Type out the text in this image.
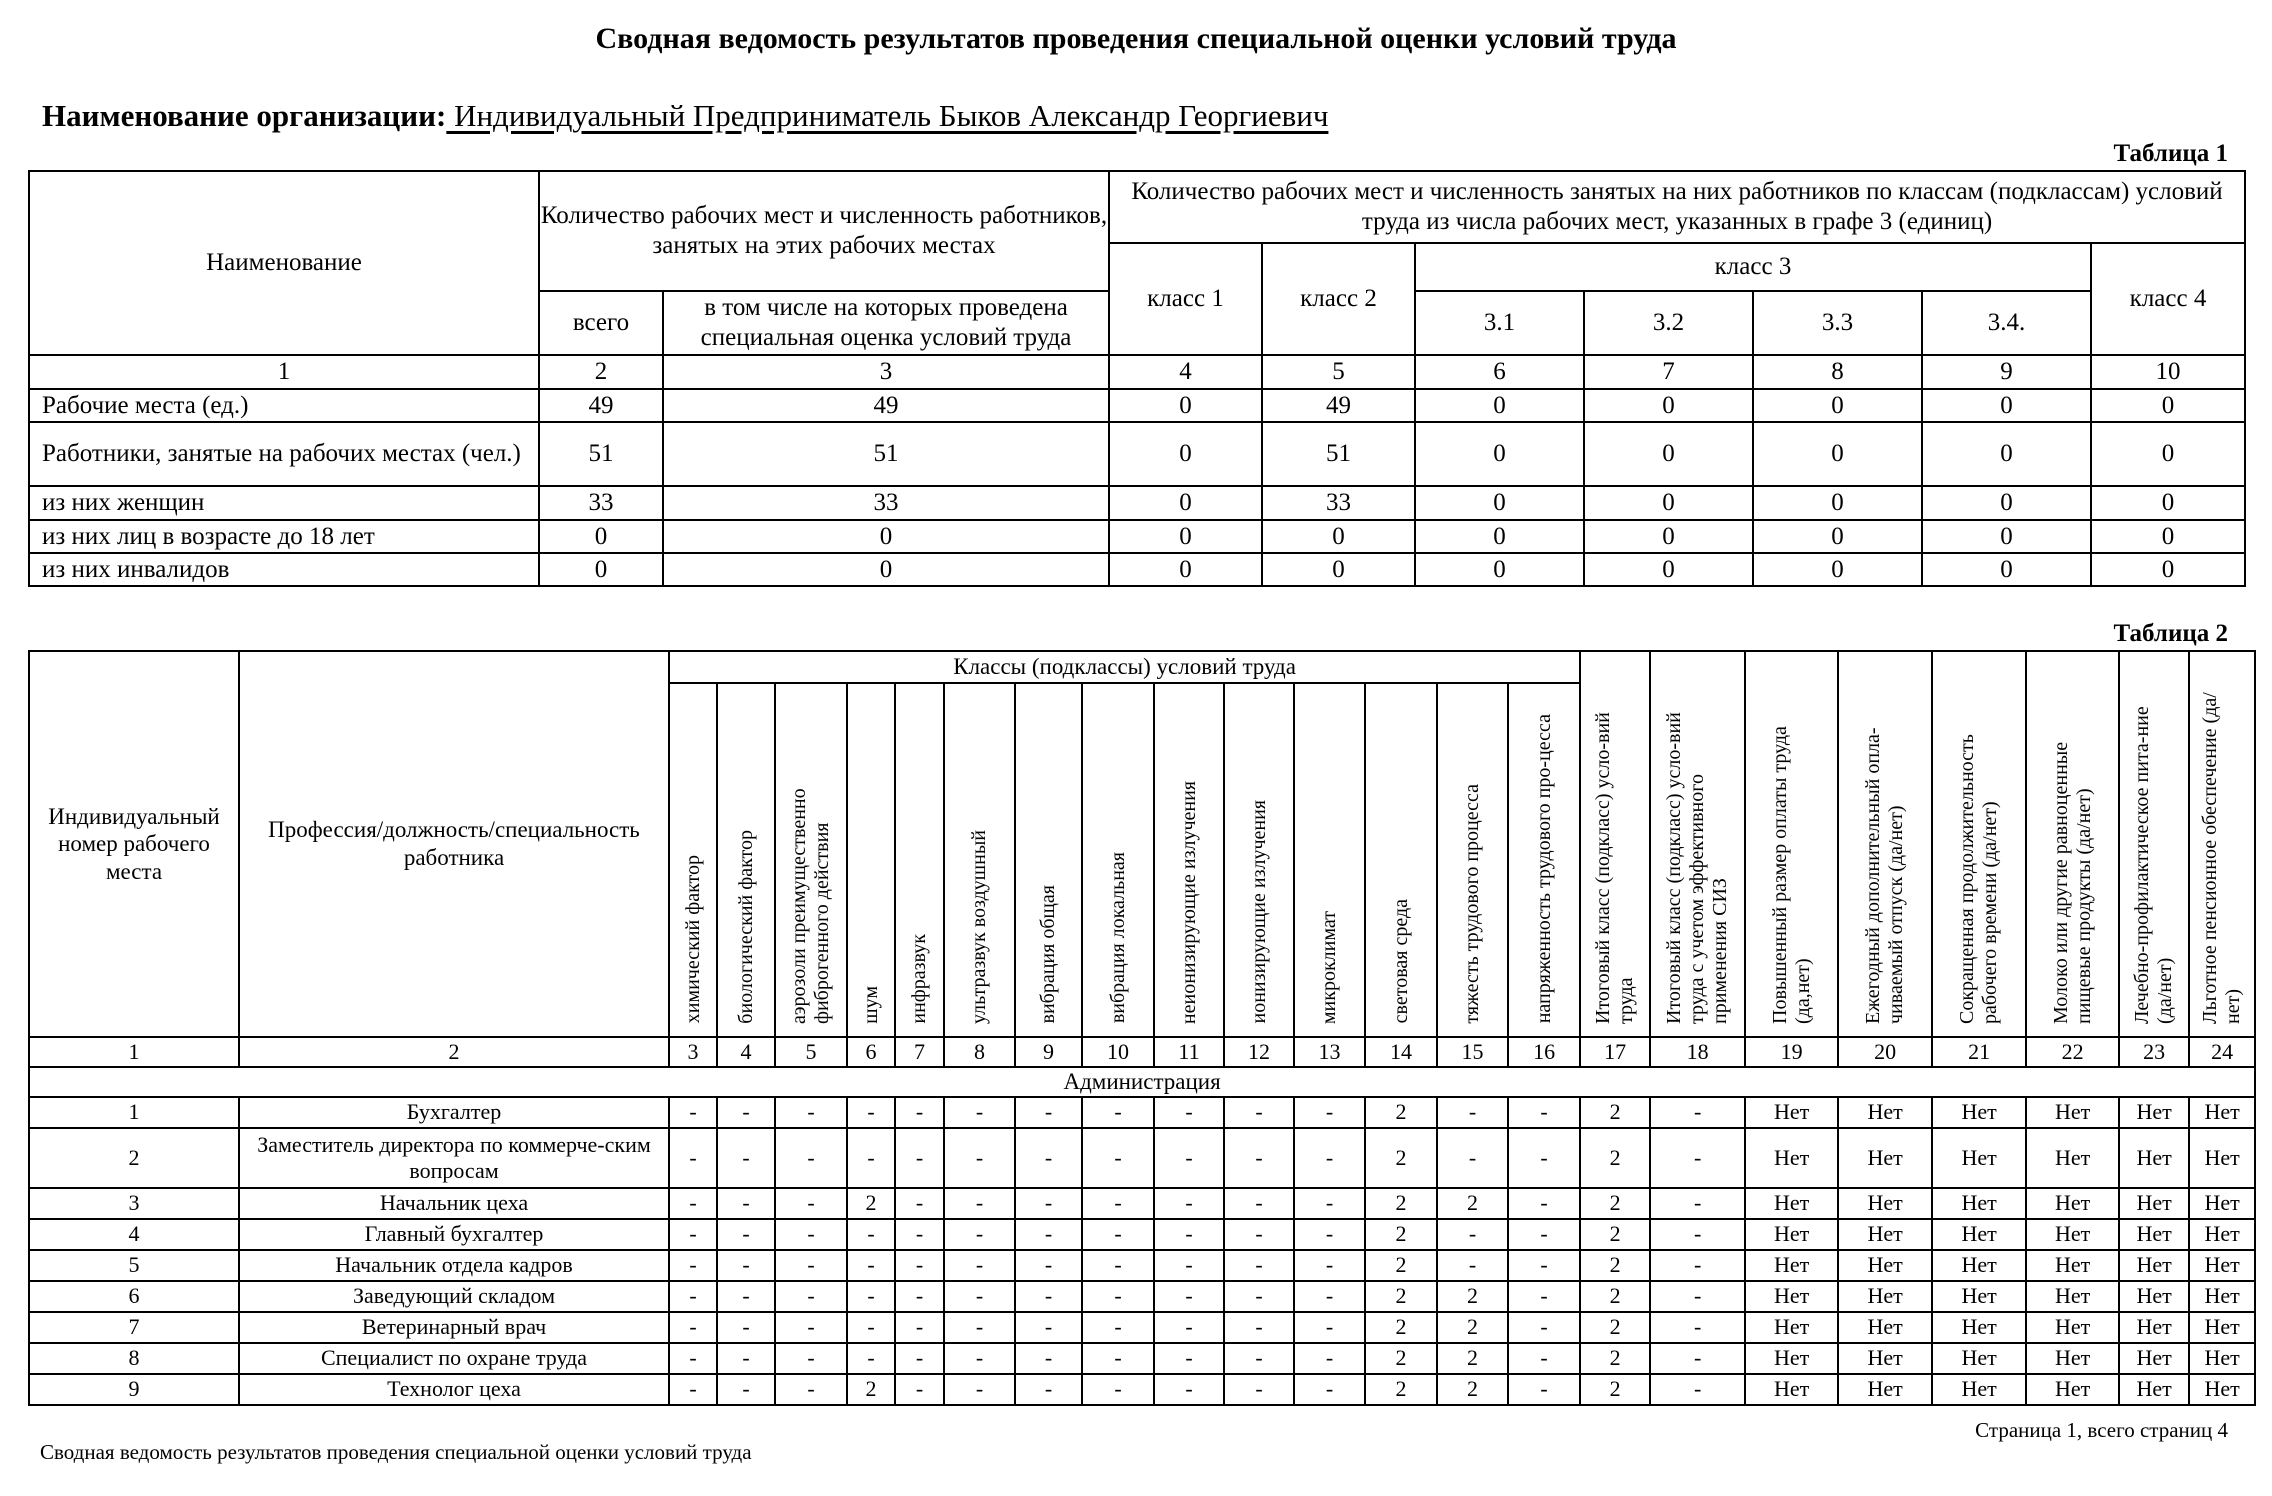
Сводная ведомость результатов проведения специальной оценки условий труда
Наименование организации: Индивидуальный Предприниматель Быков Александр Георгиевич
Таблица 1
Наименование	Количество рабочих мест и численность работников, занятых на этих рабочих местах		Количество рабочих мест и численность занятых на них работников по классам (подклассам) условий труда из числа рабочих мест, указанных в графе 3 (единиц)						
			класс 1	класс 2	класс 3				класс 4
	всего	в том числе на которых проведена специальная оценка условий труда			3.1	3.2	3.3	3.4.	
1	2	3	4	5	6	7	8	9	10
Рабочие места (ед.)	49	49	0	49	0	0	0	0	0
Работники, занятые на рабочих местах (чел.)	51	51	0	51	0	0	0	0	0
из них женщин	33	33	0	33	0	0	0	0	0
из них лиц в возрасте до 18 лет	0	0	0	0	0	0	0	0	0
из них инвалидов	0	0	0	0	0	0	0	0	0
Таблица 2
Индивидуальный номер рабочего места	Профессия/должность/специальность работника	Классы (подклассы) условий труда														Итоговый класс (подкласс) усло-вий труда	Итоговый класс (подкласс) усло-вий труда с учетом эффективного применения СИЗ	Повышенный размер оплаты труда (да,нет)	Ежегодный дополнительный опла-чиваемый отпуск (да/нет)	Сокращенная продолжительность рабочего времени (да/нет)	Молоко или другие равноценные пищевые продукты (да/нет)	Лечебно-профилактическое пита-ние (да/нет)	Льготное пенсионное обеспечение (да/нет)
		химический фактор	биологический фактор	аэрозоли преимущественно фиброгенного действия	шум	инфразвук	ультразвук воздушный	вибрация общая	вибрация локальная	неионизирующие излучения	ионизирующие излучения	микроклимат	световая среда	тяжесть трудового процесса	напряженность трудового про-цесса								
1	2	3	4	5	6	7	8	9	10	11	12	13	14	15	16	17	18	19	20	21	22	23	24
Администрация																							
1	Бухгалтер	-	-	-	-	-	-	-	-	-	-	-	2	-	-	2	-	Нет	Нет	Нет	Нет	Нет	Нет
2	Заместитель директора по коммерче-ским вопросам	-	-	-	-	-	-	-	-	-	-	-	2	-	-	2	-	Нет	Нет	Нет	Нет	Нет	Нет
3	Начальник цеха	-	-	-	2	-	-	-	-	-	-	-	2	2	-	2	-	Нет	Нет	Нет	Нет	Нет	Нет
4	Главный бухгалтер	-	-	-	-	-	-	-	-	-	-	-	2	-	-	2	-	Нет	Нет	Нет	Нет	Нет	Нет
5	Начальник отдела кадров	-	-	-	-	-	-	-	-	-	-	-	2	-	-	2	-	Нет	Нет	Нет	Нет	Нет	Нет
6	Заведующий складом	-	-	-	-	-	-	-	-	-	-	-	2	2	-	2	-	Нет	Нет	Нет	Нет	Нет	Нет
7	Ветеринарный врач	-	-	-	-	-	-	-	-	-	-	-	2	2	-	2	-	Нет	Нет	Нет	Нет	Нет	Нет
8	Специалист по охране труда	-	-	-	-	-	-	-	-	-	-	-	2	2	-	2	-	Нет	Нет	Нет	Нет	Нет	Нет
9	Технолог цеха	-	-	-	2	-	-	-	-	-	-	-	2	2	-	2	-	Нет	Нет	Нет	Нет	Нет	Нет
Страница 1, всего страниц 4
Сводная ведомость результатов проведения специальной оценки условий труда
